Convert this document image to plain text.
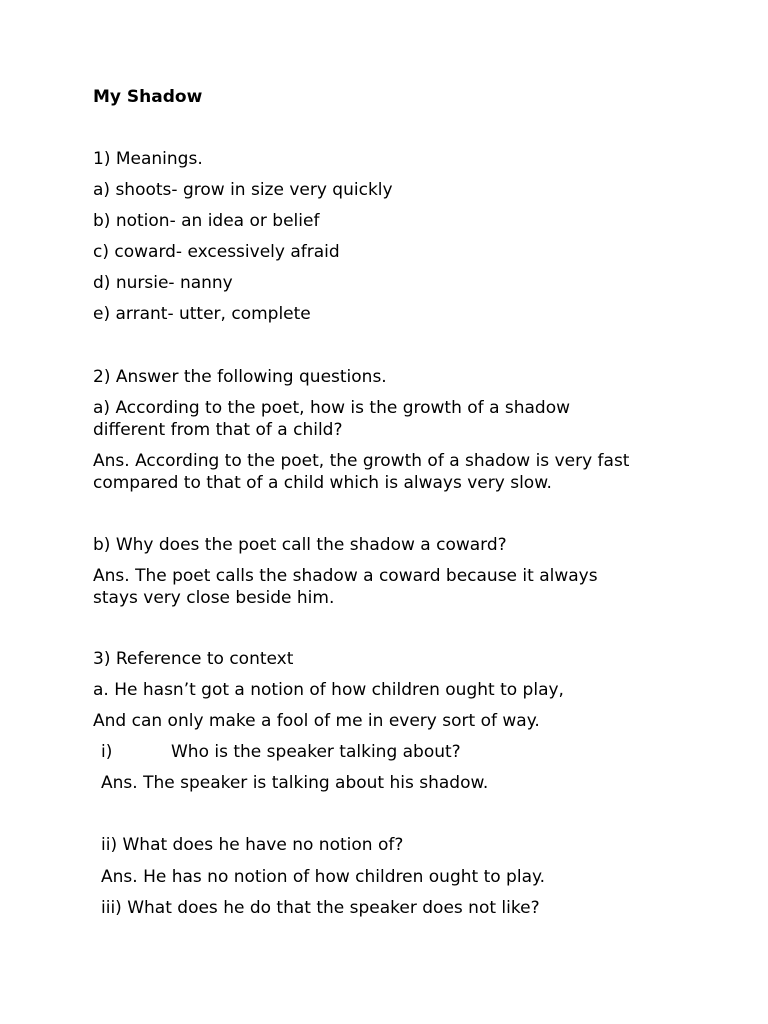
My Shadow

1) Meanings.

a) shoots- grow in size very quickly

b) notion- an idea or belief

c) coward- excessively afraid

d) nursie- nanny

e) arrant- utter, complete

2) Answer the following questions.

a) According to the poet, how is the growth of a shadow

different from that of a child?

Ans. According to the poet, the growth of a shadow is very fast

compared to that of a child which is always very slow.

b) Why does the poet call the shadow a coward?

Ans. The poet calls the shadow a coward because it always

stays very close beside him.

3) Reference to context

a. He hasn’t got a notion of how children ought to play,

And can only make a fool of me in every sort of way.

i)	Who is the speaker talking about?

Ans. The speaker is talking about his shadow.

ii) What does he have no notion of?

Ans. He has no notion of how children ought to play.

iii) What does he do that the speaker does not like?
